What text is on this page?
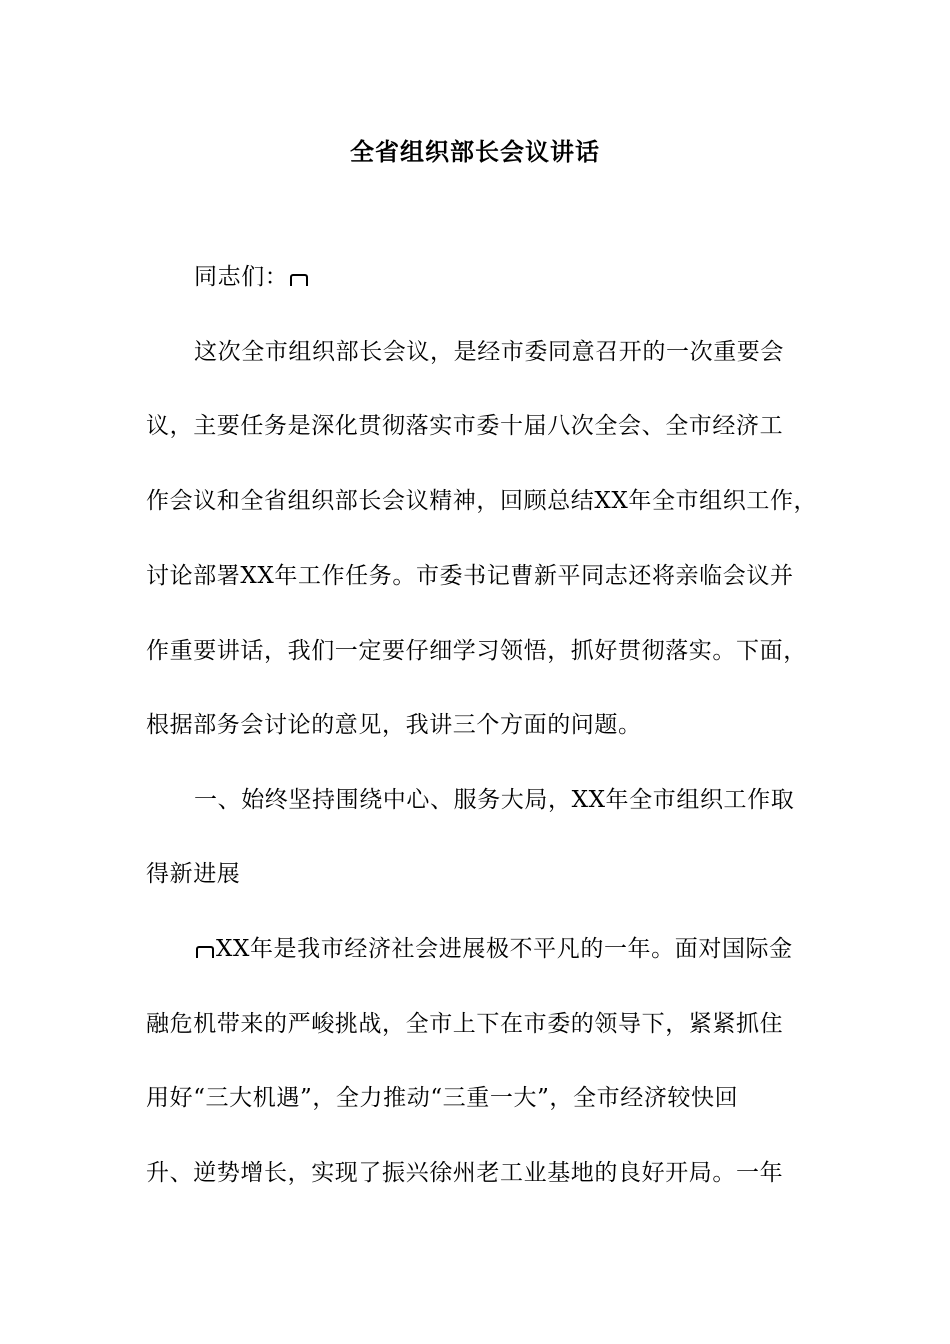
全省组织部长会议讲话
同志们：
这次全市组织部长会议，是经市委同意召开的一次重要会
议，主要任务是深化贯彻落实市委十届八次全会、全市经济工
作会议和全省组织部长会议精神，回顾总结XX年全市组织工作，
讨论部署XX年工作任务。市委书记曹新平同志还将亲临会议并
作重要讲话，我们一定要仔细学习领悟，抓好贯彻落实。下面，
根据部务会讨论的意见，我讲三个方面的问题。
一、始终坚持围绕中心、服务大局，XX年全市组织工作取
得新进展
XX年是我市经济社会进展极不平凡的一年。面对国际金
融危机带来的严峻挑战，全市上下在市委的领导下，紧紧抓住
用好“三大机遇”，全力推动“三重一大”，全市经济较快回
升、逆势增长，实现了振兴徐州老工业基地的良好开局。一年
